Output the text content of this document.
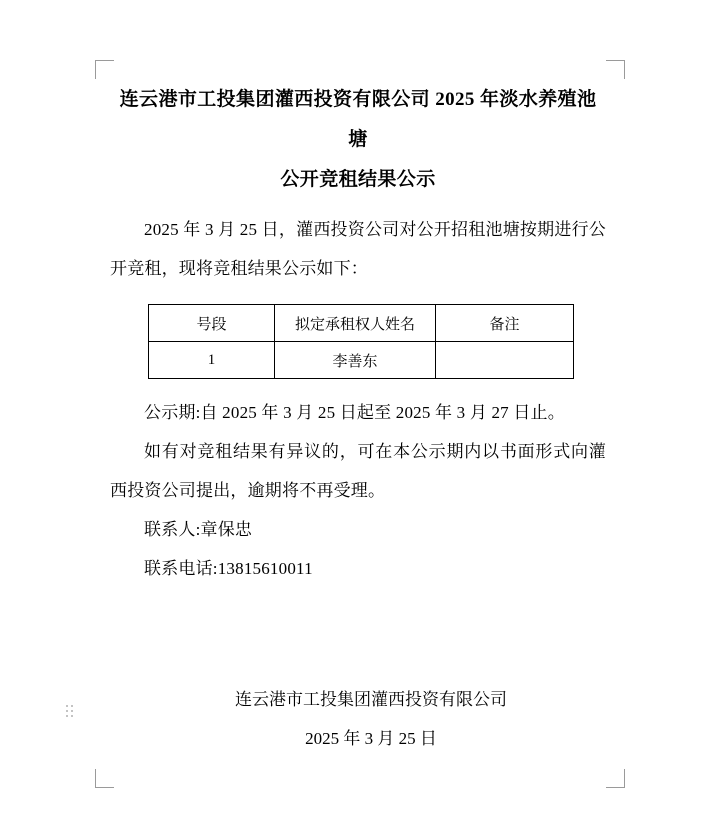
连云港市工投集团灌西投资有限公司 2025 年淡水养殖池塘
公开竞租结果公示

2025 年 3 月 25 日，灌西投资公司对公开招租池塘按期进行公开竞租，现将竞租结果公示如下：

号段	拟定承租权人姓名	备注
1	李善东	

公示期:自 2025 年 3 月 25 日起至 2025 年 3 月 27 日止。

如有对竞租结果有异议的，可在本公示期内以书面形式向灌西投资公司提出，逾期将不再受理。

联系人:章保忠

联系电话:13815610011

连云港市工投集团灌西投资有限公司
2025 年 3 月 25 日
